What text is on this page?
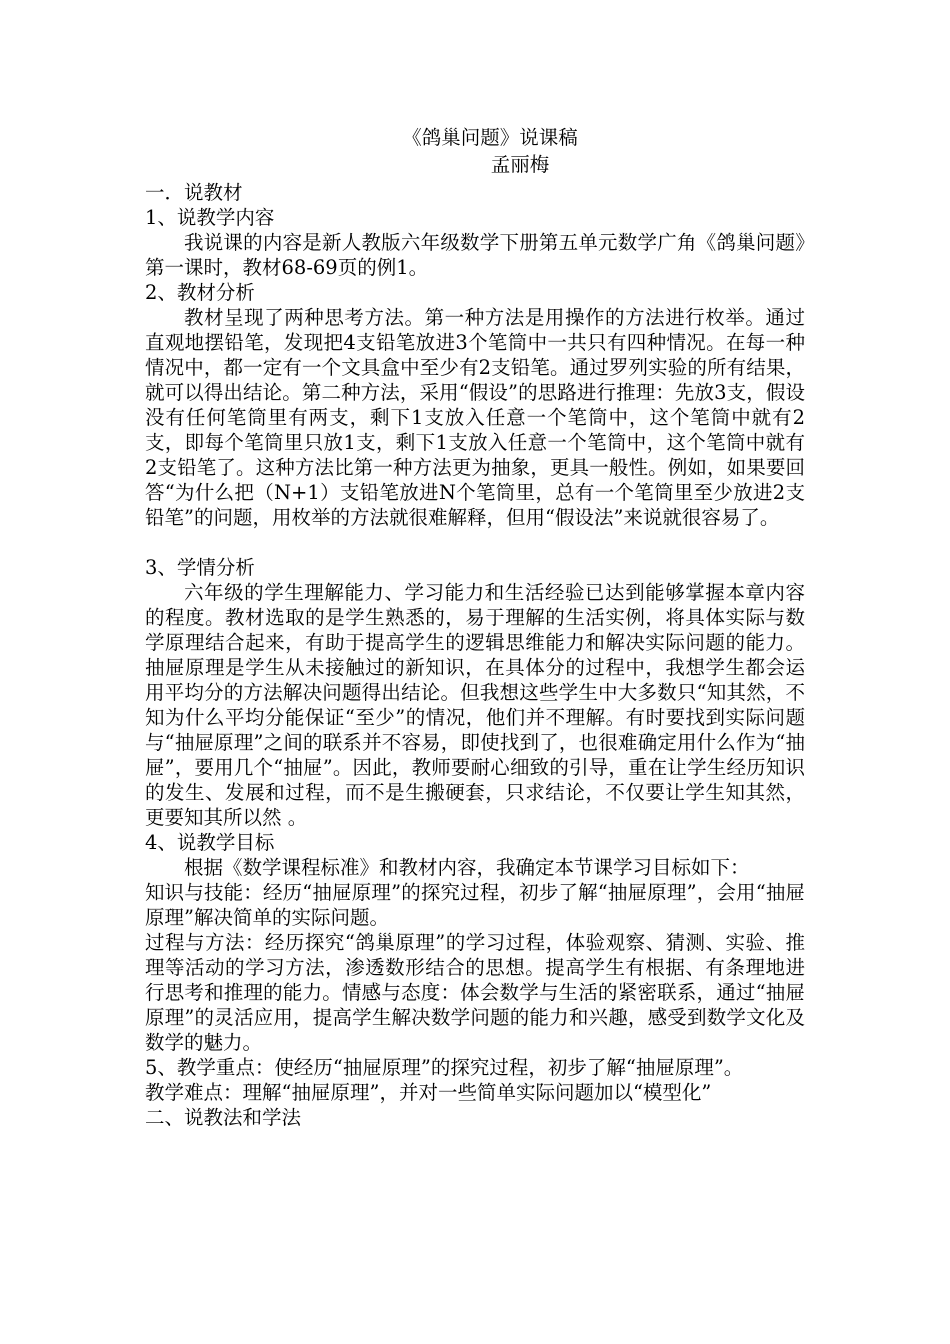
《鸽巢问题》说课稿

孟丽梅

一．说教材

1、说教学内容

我说课的内容是新人教版六年级数学下册第五单元数学广角《鸽巢问题》第一课时，教材68-69页的例1。

2、教材分析

教材呈现了两种思考方法。第一种方法是用操作的方法进行枚举。通过直观地摆铅笔，发现把4支铅笔放进3个笔筒中一共只有四种情况。在每一种情况中，都一定有一个文具盒中至少有2支铅笔。通过罗列实验的所有结果，就可以得出结论。第二种方法，采用“假设”的思路进行推理：先放3支，假设没有任何笔筒里有两支，剩下1支放入任意一个笔筒中，这个笔筒中就有2支，即每个笔筒里只放1支，剩下1支放入任意一个笔筒中，这个笔筒中就有2支铅笔了。这种方法比第一种方法更为抽象，更具一般性。例如，如果要回答“为什么把（N+1）支铅笔放进N个笔筒里，总有一个笔筒里至少放进2支铅笔”的问题，用枚举的方法就很难解释，但用“假设法”来说就很容易了。

3、学情分析

六年级的学生理解能力、学习能力和生活经验已达到能够掌握本章内容的程度。教材选取的是学生熟悉的，易于理解的生活实例，将具体实际与数学原理结合起来，有助于提高学生的逻辑思维能力和解决实际问题的能力。抽屉原理是学生从未接触过的新知识，在具体分的过程中，我想学生都会运用平均分的方法解决问题得出结论。但我想这些学生中大多数只“知其然，不知为什么平均分能保证“至少”的情况，他们并不理解。有时要找到实际问题与“抽屉原理”之间的联系并不容易，即使找到了，也很难确定用什么作为“抽屉”，要用几个“抽屉”。因此，教师要耐心细致的引导，重在让学生经历知识的发生、发展和过程，而不是生搬硬套，只求结论，不仅要让学生知其然，更要知其所以然 。

4、说教学目标

根据《数学课程标准》和教材内容，我确定本节课学习目标如下：

知识与技能：经历“抽屉原理”的探究过程，初步了解“抽屉原理”，会用“抽屉原理”解决简单的实际问题。

过程与方法：经历探究“鸽巢原理”的学习过程，体验观察、猜测、实验、推理等活动的学习方法，渗透数形结合的思想。提高学生有根据、有条理地进行思考和推理的能力。情感与态度：体会数学与生活的紧密联系，通过“抽屉原理”的灵活应用，提高学生解决数学问题的能力和兴趣，感受到数学文化及数学的魅力。

5、教学重点：使经历“抽屉原理”的探究过程，初步了解“抽屉原理”。

教学难点：理解“抽屉原理”，并对一些简单实际问题加以“模型化”

二、说教法和学法
